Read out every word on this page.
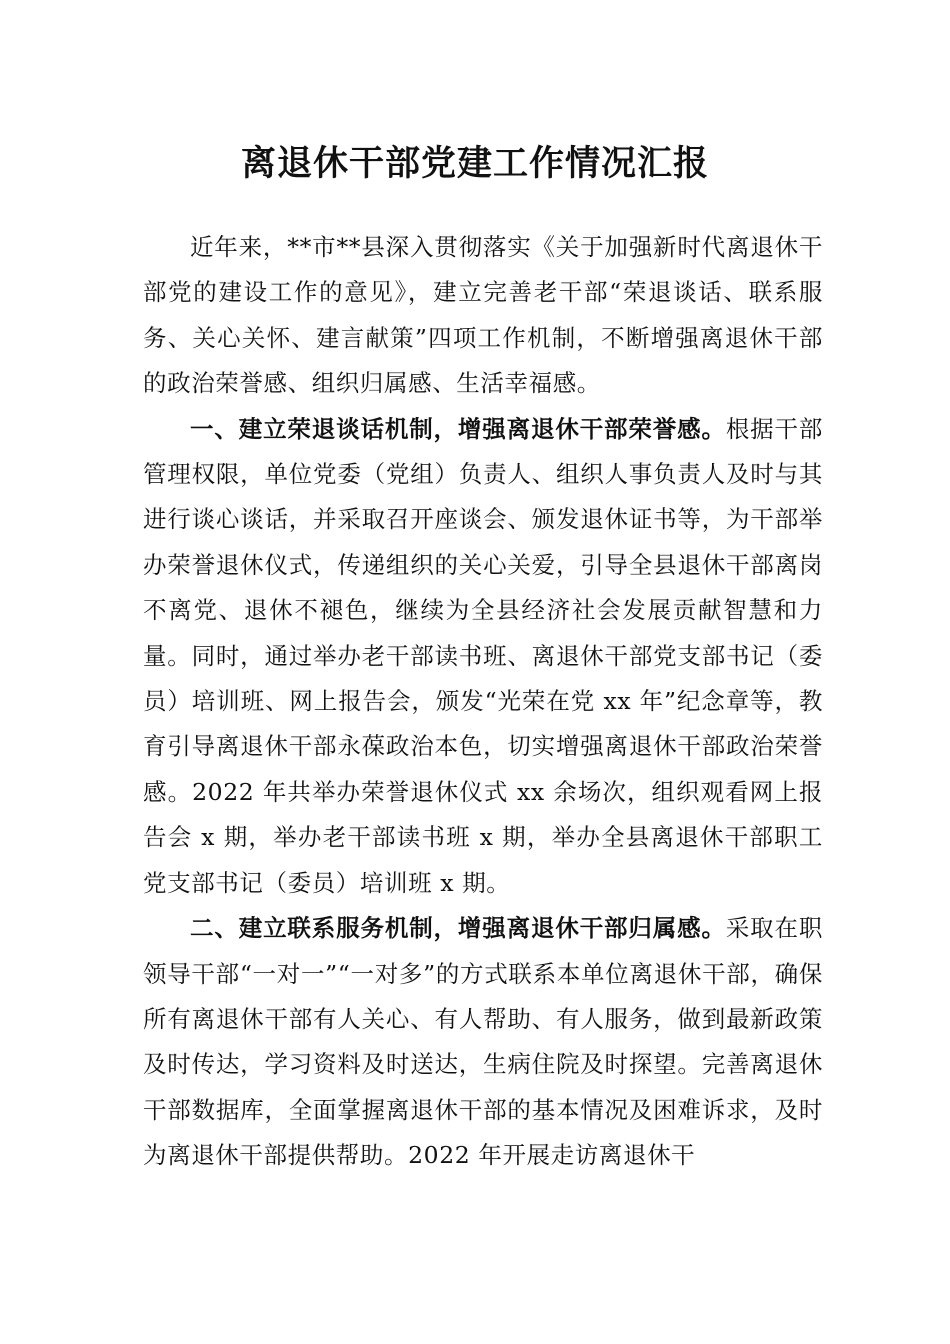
离退休干部党建工作情况汇报

近年来，**市**县深入贯彻落实《关于加强新时代离退休干部党的建设工作的意见》，建立完善老干部“荣退谈话、联系服务、关心关怀、建言献策”四项工作机制，不断增强离退休干部的政治荣誉感、组织归属感、生活幸福感。

一、建立荣退谈话机制，增强离退休干部荣誉感。根据干部管理权限，单位党委（党组）负责人、组织人事负责人及时与其进行谈心谈话，并采取召开座谈会、颁发退休证书等，为干部举办荣誉退休仪式，传递组织的关心关爱，引导全县退休干部离岗不离党、退休不褪色，继续为全县经济社会发展贡献智慧和力量。同时，通过举办老干部读书班、离退休干部党支部书记（委员）培训班、网上报告会，颁发“光荣在党 xx 年”纪念章等，教育引导离退休干部永葆政治本色，切实增强离退休干部政治荣誉感。2022 年共举办荣誉退休仪式 xx 余场次，组织观看网上报告会 x 期，举办老干部读书班 x 期，举办全县离退休干部职工党支部书记（委员）培训班 x 期。

二、建立联系服务机制，增强离退休干部归属感。采取在职领导干部“一对一”“一对多”的方式联系本单位离退休干部，确保所有离退休干部有人关心、有人帮助、有人服务，做到最新政策及时传达，学习资料及时送达，生病住院及时探望。完善离退休干部数据库，全面掌握离退休干部的基本情况及困难诉求，及时为离退休干部提供帮助。2022 年开展走访离退休干
